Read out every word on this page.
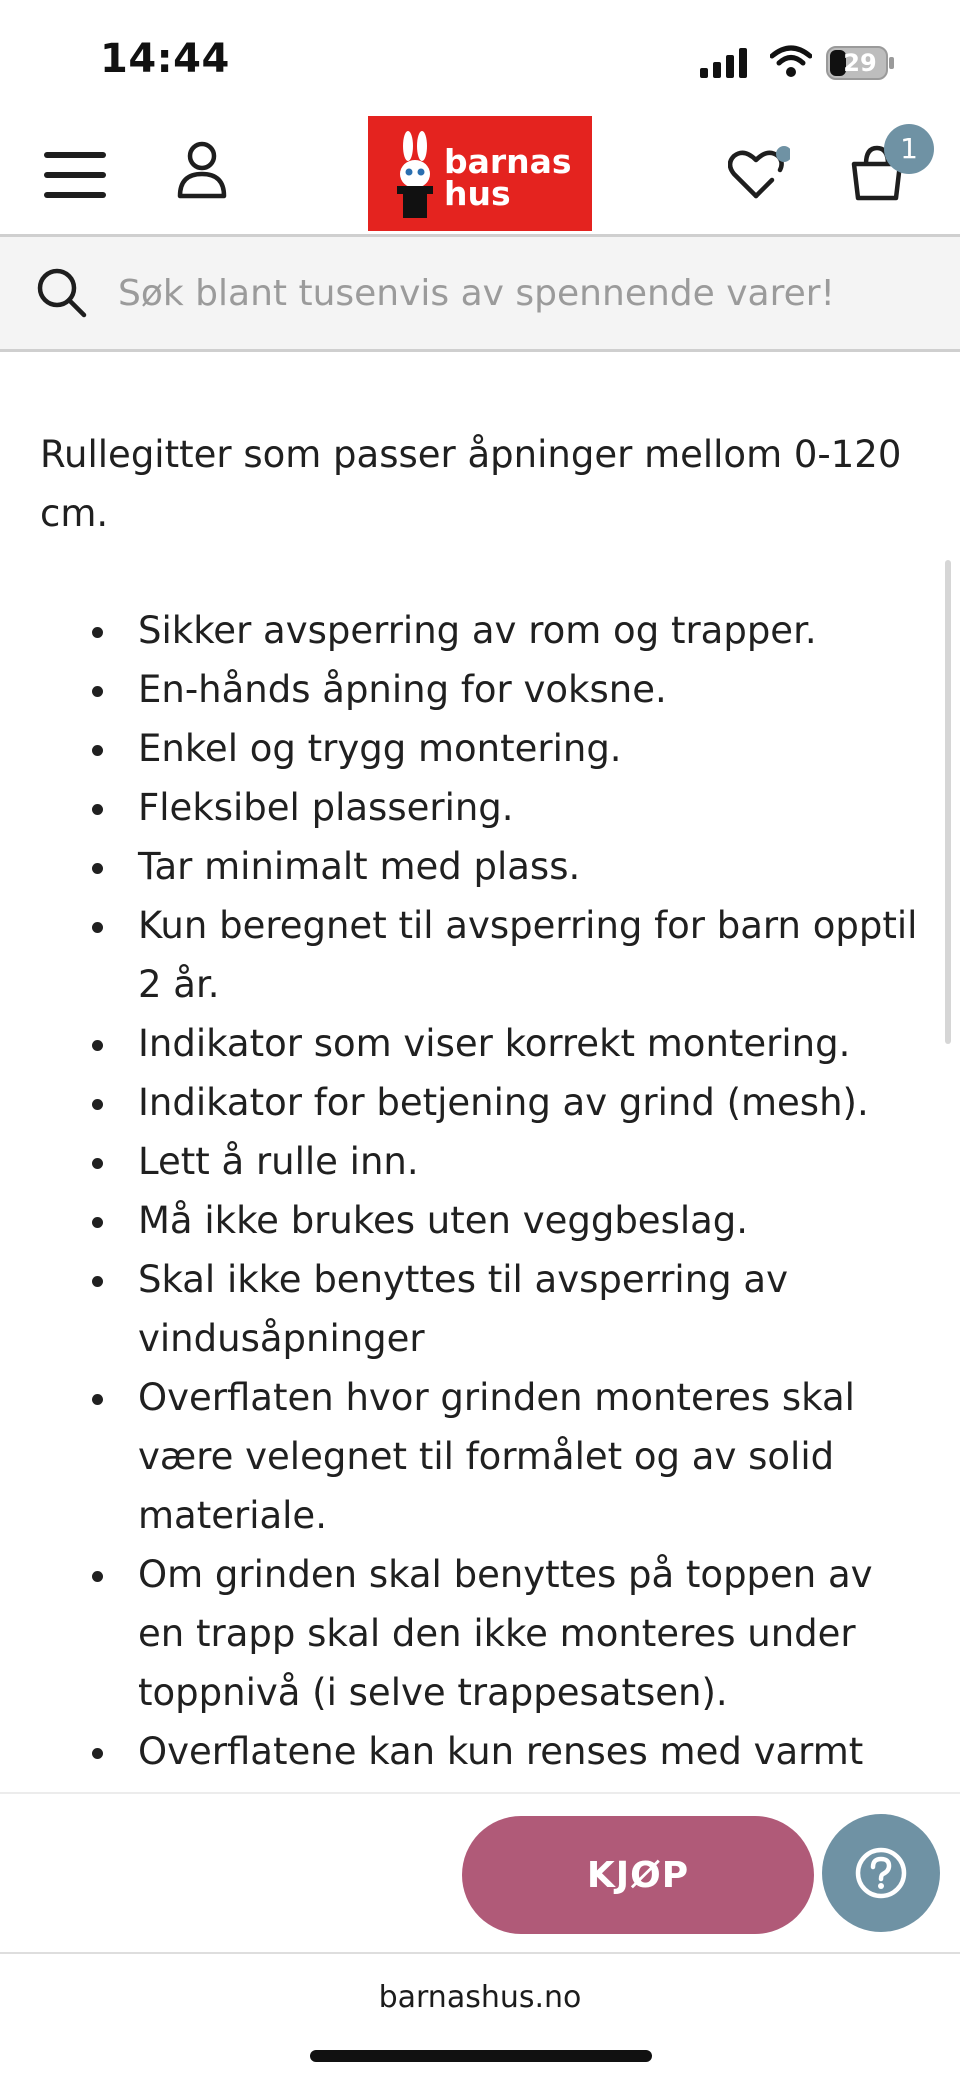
14:44	29
barnas
hus
1
Søk blant tusenvis av spennende varer!

Rullegitter som passer åpninger mellom 0-120 cm.

Sikker avsperring av rom og trapper.
En-hånds åpning for voksne.
Enkel og trygg montering.
Fleksibel plassering.
Tar minimalt med plass.
Kun beregnet til avsperring for barn opptil 2 år.
Indikator som viser korrekt montering.
Indikator for betjening av grind (mesh).
Lett å rulle inn.
Må ikke brukes uten veggbeslag.
Skal ikke benyttes til avsperring av vindusåpninger
Overflaten hvor grinden monteres skal være velegnet til formålet og av solid materiale.
Om grinden skal benyttes på toppen av en trapp skal den ikke monteres under toppnivå (i selve trappesatsen).
Overflatene kan kun renses med varmt
KJØP
barnashus.no
